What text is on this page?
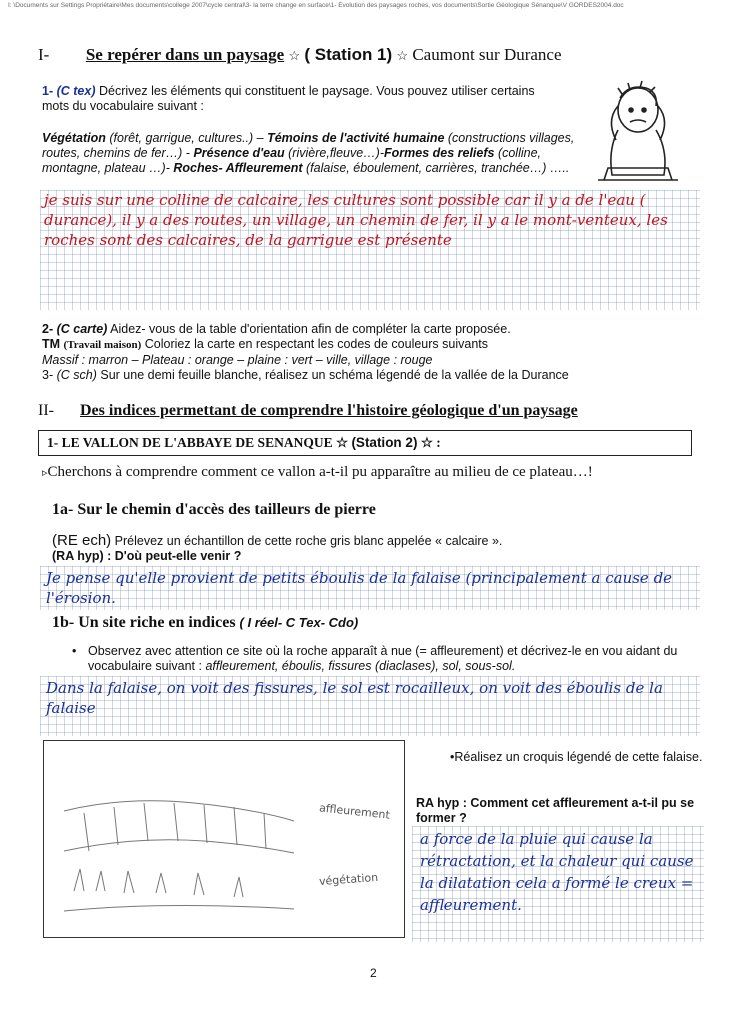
I: \Documents sur Settings Propriétaire\Mes documents\college 2007\cycle central\3- la terre change en surface\1- Évolution des paysages roches, vos documents\Sortie Géologique Sénanque\V GORDES2004.doc
I- Se repérer dans un paysage ☆ ( Station 1) ☆ Caumont sur Durance
1- (C tex) Décrivez les éléments qui constituent le paysage. Vous pouvez utiliser certains mots du vocabulaire suivant :
Végétation (forêt, garrigue, cultures..) – Témoins de l'activité humaine (constructions villages, routes, chemins de fer…) - Présence d'eau (rivière,fleuve…)-Formes des reliefs (colline, montagne, plateau …)- Roches- Affleurement (falaise, éboulement, carrières, tranchée…) …..
je suis sur une colline de calcaire, les cultures sont possible car il y a de l'eau ( durance), il y a des routes, un village, un chemin de fer, il y a le mont-venteux, les roches sont des calcaires, de la garrigue est présente
2- (C carte) Aidez- vous de la table d'orientation afin de compléter la carte proposée.
TM (Travail maison) Coloriez la carte en respectant les codes de couleurs suivants
Massif : marron – Plateau : orange – plaine : vert – ville, village : rouge
3- (C sch) Sur une demi feuille blanche, réalisez un schéma légendé de la vallée de la Durance
II- Des indices permettant de comprendre l'histoire géologique d'un paysage
1- LE VALLON DE L'ABBAYE DE SENANQUE ☆ (Station 2) ☆ :
▹Cherchons à comprendre comment ce vallon a-t-il pu apparaître au milieu de ce plateau…!
1a- Sur le chemin d'accès des tailleurs de pierre
(RE ech) Prélevez un échantillon de cette roche gris blanc appelée « calcaire ».
(RA hyp) : D'où peut-elle venir ?
Je pense qu'elle provient de petits éboulis de la falaise (principalement a cause de l'érosion.
1b- Un site riche en indices ( I réel- C Tex- Cdo)
• Observez avec attention ce site où la roche apparaît à nue (= affleurement) et décrivez-le en vou aidant du vocabulaire suivant : affleurement, éboulis, fissures (diaclases), sol, sous-sol.
Dans la falaise, on voit des fissures, le sol est rocailleux, on voit des éboulis de la falaise
affleurement
végétation
•Réalisez un croquis légendé de cette falaise.
RA hyp : Comment cet affleurement a-t-il pu se former ?
a force de la pluie qui cause la rétractation, et la chaleur qui cause la dilatation cela a formé le creux = affleurement.
2
